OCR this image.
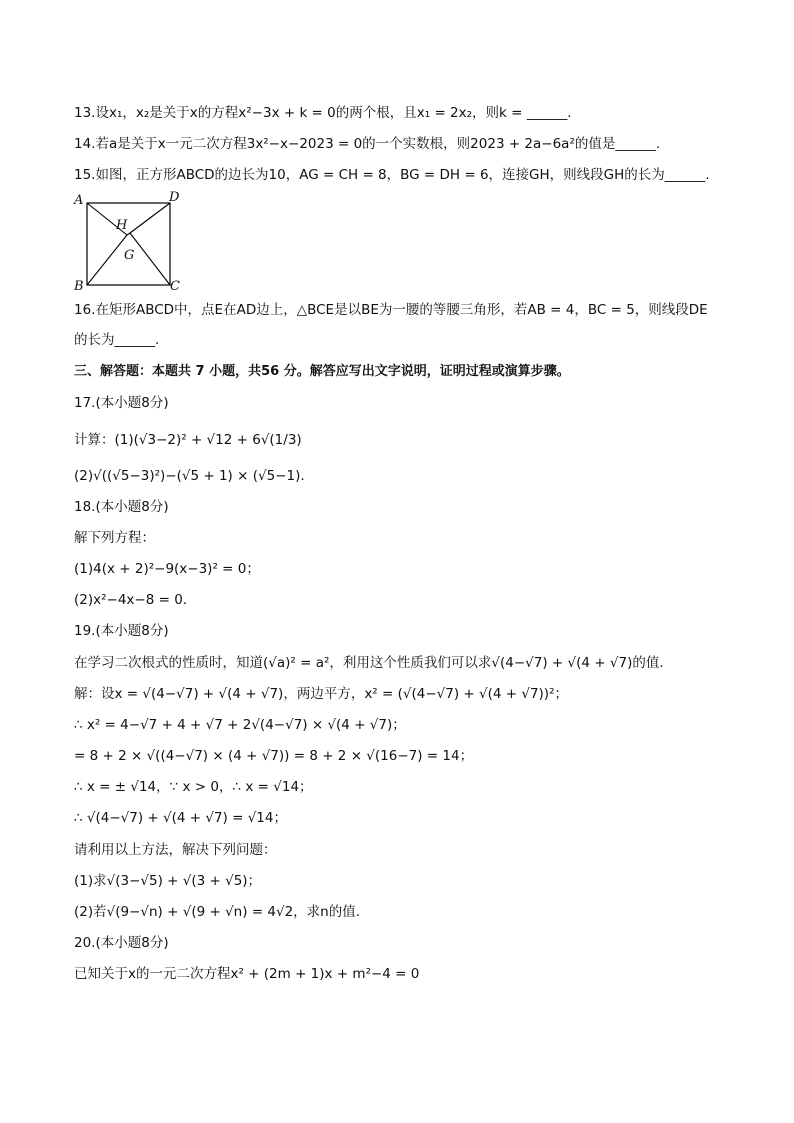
13.设x₁，x₂是关于x的方程x²−3x + k = 0的两个根，且x₁ = 2x₂，则k = ______.
14.若a是关于x一元二次方程3x²−x−2023 = 0的一个实数根，则2023 + 2a−6a²的值是______.
15.如图，正方形ABCD的边长为10，AG = CH = 8，BG = DH = 6，连接GH，则线段GH的长为______.
A	D
H
G
B	C
16.在矩形ABCD中，点E在AD边上，△BCE是以BE为一腰的等腰三角形，若AB = 4，BC = 5，则线段DE
的长为______.
三、解答题：本题共 7 小题，共56 分。解答应写出文字说明，证明过程或演算步骤。
17.(本小题8分)
计算：(1)(√3−2)² + √12 + 6√(1/3)
(2)√((√5−3)²)−(√5 + 1) × (√5−1).
18.(本小题8分)
解下列方程：
(1)4(x + 2)²−9(x−3)² = 0；
(2)x²−4x−8 = 0.
19.(本小题8分)
在学习二次根式的性质时，知道(√a)² = a²，利用这个性质我们可以求√(4−√7) + √(4 + √7)的值.
解：设x = √(4−√7) + √(4 + √7)，两边平方，x² = (√(4−√7) + √(4 + √7))²；
∴ x² = 4−√7 + 4 + √7 + 2√(4−√7) × √(4 + √7)；
= 8 + 2 × √((4−√7) × (4 + √7)) = 8 + 2 × √(16−7) = 14；
∴ x = ± √14，∵ x > 0，∴ x = √14；
∴ √(4−√7) + √(4 + √7) = √14；
请利用以上方法，解决下列问题：
(1)求√(3−√5) + √(3 + √5)；
(2)若√(9−√n) + √(9 + √n) = 4√2，求n的值.
20.(本小题8分)
已知关于x的一元二次方程x² + (2m + 1)x + m²−4 = 0
